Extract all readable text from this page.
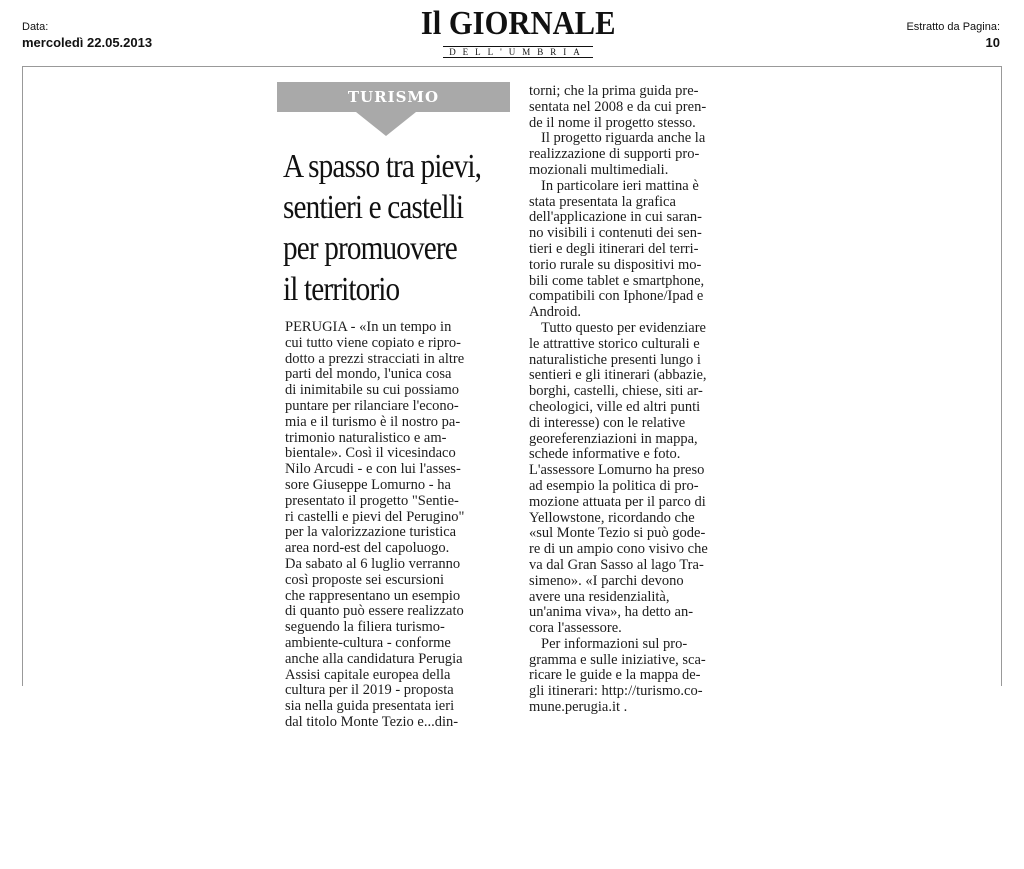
Data:
mercoledì 22.05.2013
Il GIORNALE
DELL'UMBRIA
Estratto da Pagina:
10
TURISMO
A spasso tra pievi,
sentieri e castelli
per promuovere
il territorio
PERUGIA - «In un tempo in
cui tutto viene copiato e ripro-
dotto a prezzi stracciati in altre
parti del mondo, l'unica cosa
di inimitabile su cui possiamo
puntare per rilanciare l'econo-
mia e il turismo è il nostro pa-
trimonio naturalistico e am-
bientale». Così il vicesindaco
Nilo Arcudi - e con lui l'asses-
sore Giuseppe Lomurno - ha
presentato il progetto "Sentie-
ri castelli e pievi del Perugino"
per la valorizzazione turistica
area nord-est del capoluogo.
Da sabato al 6 luglio verranno
così proposte sei escursioni
che rappresentano un esempio
di quanto può essere realizzato
seguendo la filiera turismo-
ambiente-cultura - conforme
anche alla candidatura Perugia
Assisi capitale europea della
cultura per il 2019 - proposta
sia nella guida presentata ieri
dal titolo Monte Tezio e...din-
torni; che la prima guida pre-
sentata nel 2008 e da cui pren-
de il nome il progetto stesso.
Il progetto riguarda anche la
realizzazione di supporti pro-
mozionali multimediali.
In particolare ieri mattina è
stata presentata la grafica
dell'applicazione in cui saran-
no visibili i contenuti dei sen-
tieri e degli itinerari del terri-
torio rurale su dispositivi mo-
bili come tablet e smartphone,
compatibili con Iphone/Ipad e
Android.
Tutto questo per evidenziare
le attrattive storico culturali e
naturalistiche presenti lungo i
sentieri e gli itinerari (abbazie,
borghi, castelli, chiese, siti ar-
cheologici, ville ed altri punti
di interesse) con le relative
georeferenziazioni in mappa,
schede informative e foto.
L'assessore Lomurno ha preso
ad esempio la politica di pro-
mozione attuata per il parco di
Yellowstone, ricordando che
«sul Monte Tezio si può gode-
re di un ampio cono visivo che
va dal Gran Sasso al lago Tra-
simeno». «I parchi devono
avere una residenzialità,
un'anima viva», ha detto an-
cora l'assessore.
Per informazioni sul pro-
gramma e sulle iniziative, sca-
ricare le guide e la mappa de-
gli itinerari: http://turismo.co-
mune.perugia.it .
